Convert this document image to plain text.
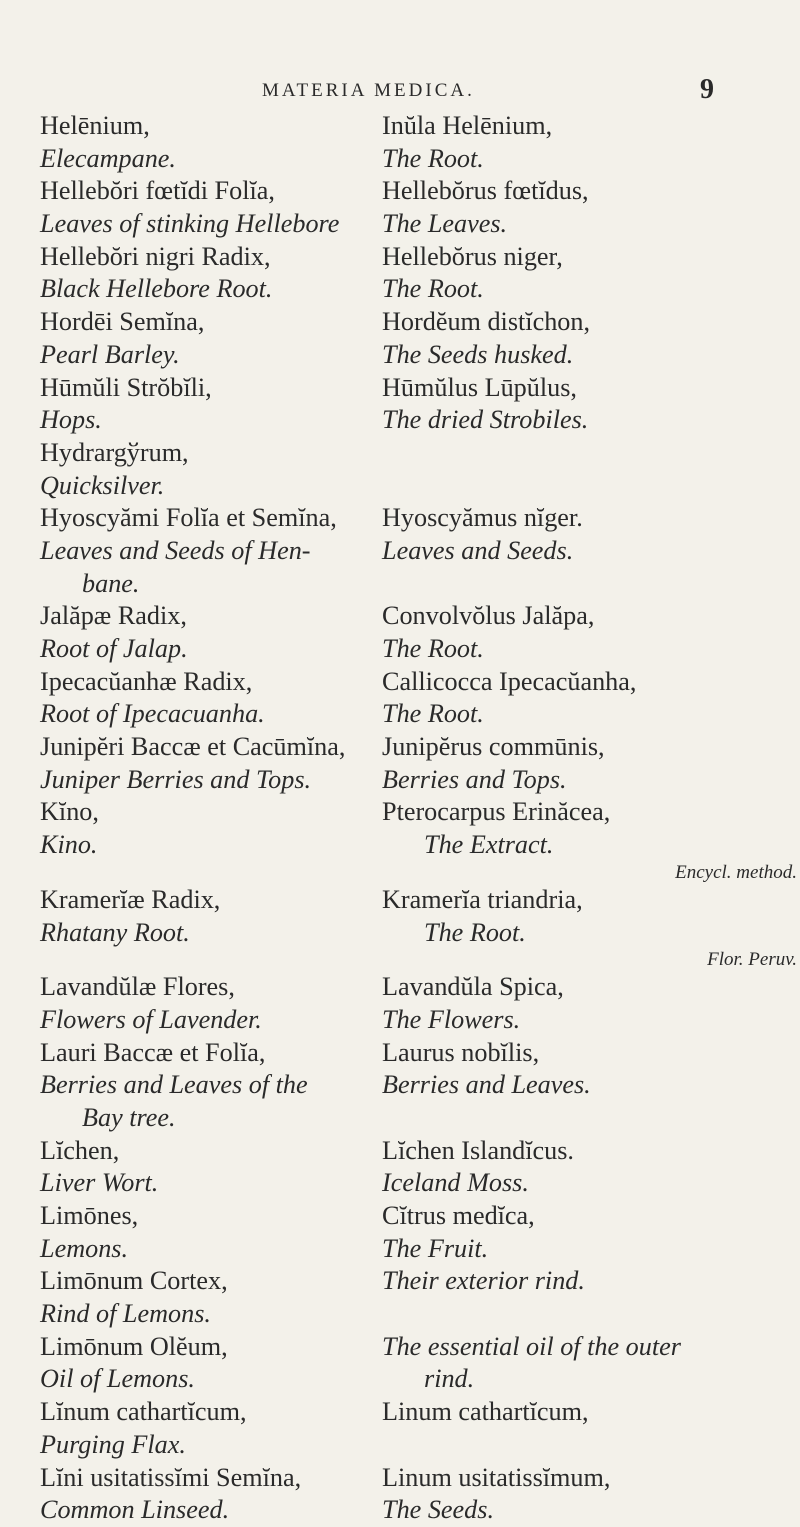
MATERIA MEDICA.	9
Helēnium,
Elecampane.
Hellebŏri fœtĭdi Folĭa,
Leaves of stinking Hellebore
Hellebŏri nigri Radix,
Black Hellebore Root.
Hordēi Semĭna,
Pearl Barley.
Hūmŭli Strŏbĭli,
Hops.
Hydrargўrum,
Quicksilver.
Hyoscyămi Folĭa et Semĭna,
Leaves and Seeds of Hen-
bane.
Jalăpæ Radix,
Root of Jalap.
Ipecacŭanhæ Radix,
Root of Ipecacuanha.
Junipĕri Baccæ et Cacūmĭna,
Juniper Berries and Tops.
Kĭno,
Kino.
Kramerĭæ Radix,
Rhatany Root.
Lavandŭlæ Flores,
Flowers of Lavender.
Lauri Baccæ et Folĭa,
Berries and Leaves of the
Bay tree.
Lĭchen,
Liver Wort.
Limōnes,
Lemons.
Limōnum Cortex,
Rind of Lemons.
Limōnum Olĕum,
Oil of Lemons.
Lĭnum cathartĭcum,
Purging Flax.
Lĭni usitatissĭmi Semĭna,
Common Linseed.
Inŭla Helēnium,
The Root.
Hellebŏrus fœtĭdus,
The Leaves.
Hellebŏrus niger,
The Root.
Hordĕum distĭchon,
The Seeds husked.
Hūmŭlus Lūpŭlus,
The dried Strobiles.
Hyoscyămus nĭger.
Leaves and Seeds.
Convolvŏlus Jalăpa,
The Root.
Callicocca Ipecacŭanha,
The Root.
Junipĕrus commūnis,
Berries and Tops.
Pterocarpus Erinăcea,
The Extract.
Encycl. method.
Kramerĭa triandria,
The Root.
Flor. Peruv.
Lavandŭla Spica,
The Flowers.
Laurus nobĭlis,
Berries and Leaves.
Lĭchen Islandĭcus.
Iceland Moss.
Cĭtrus medĭca,
The Fruit.
Their exterior rind.
The essential oil of the outer
rind.
Linum cathartĭcum,
Linum usitatissĭmum,
The Seeds.
